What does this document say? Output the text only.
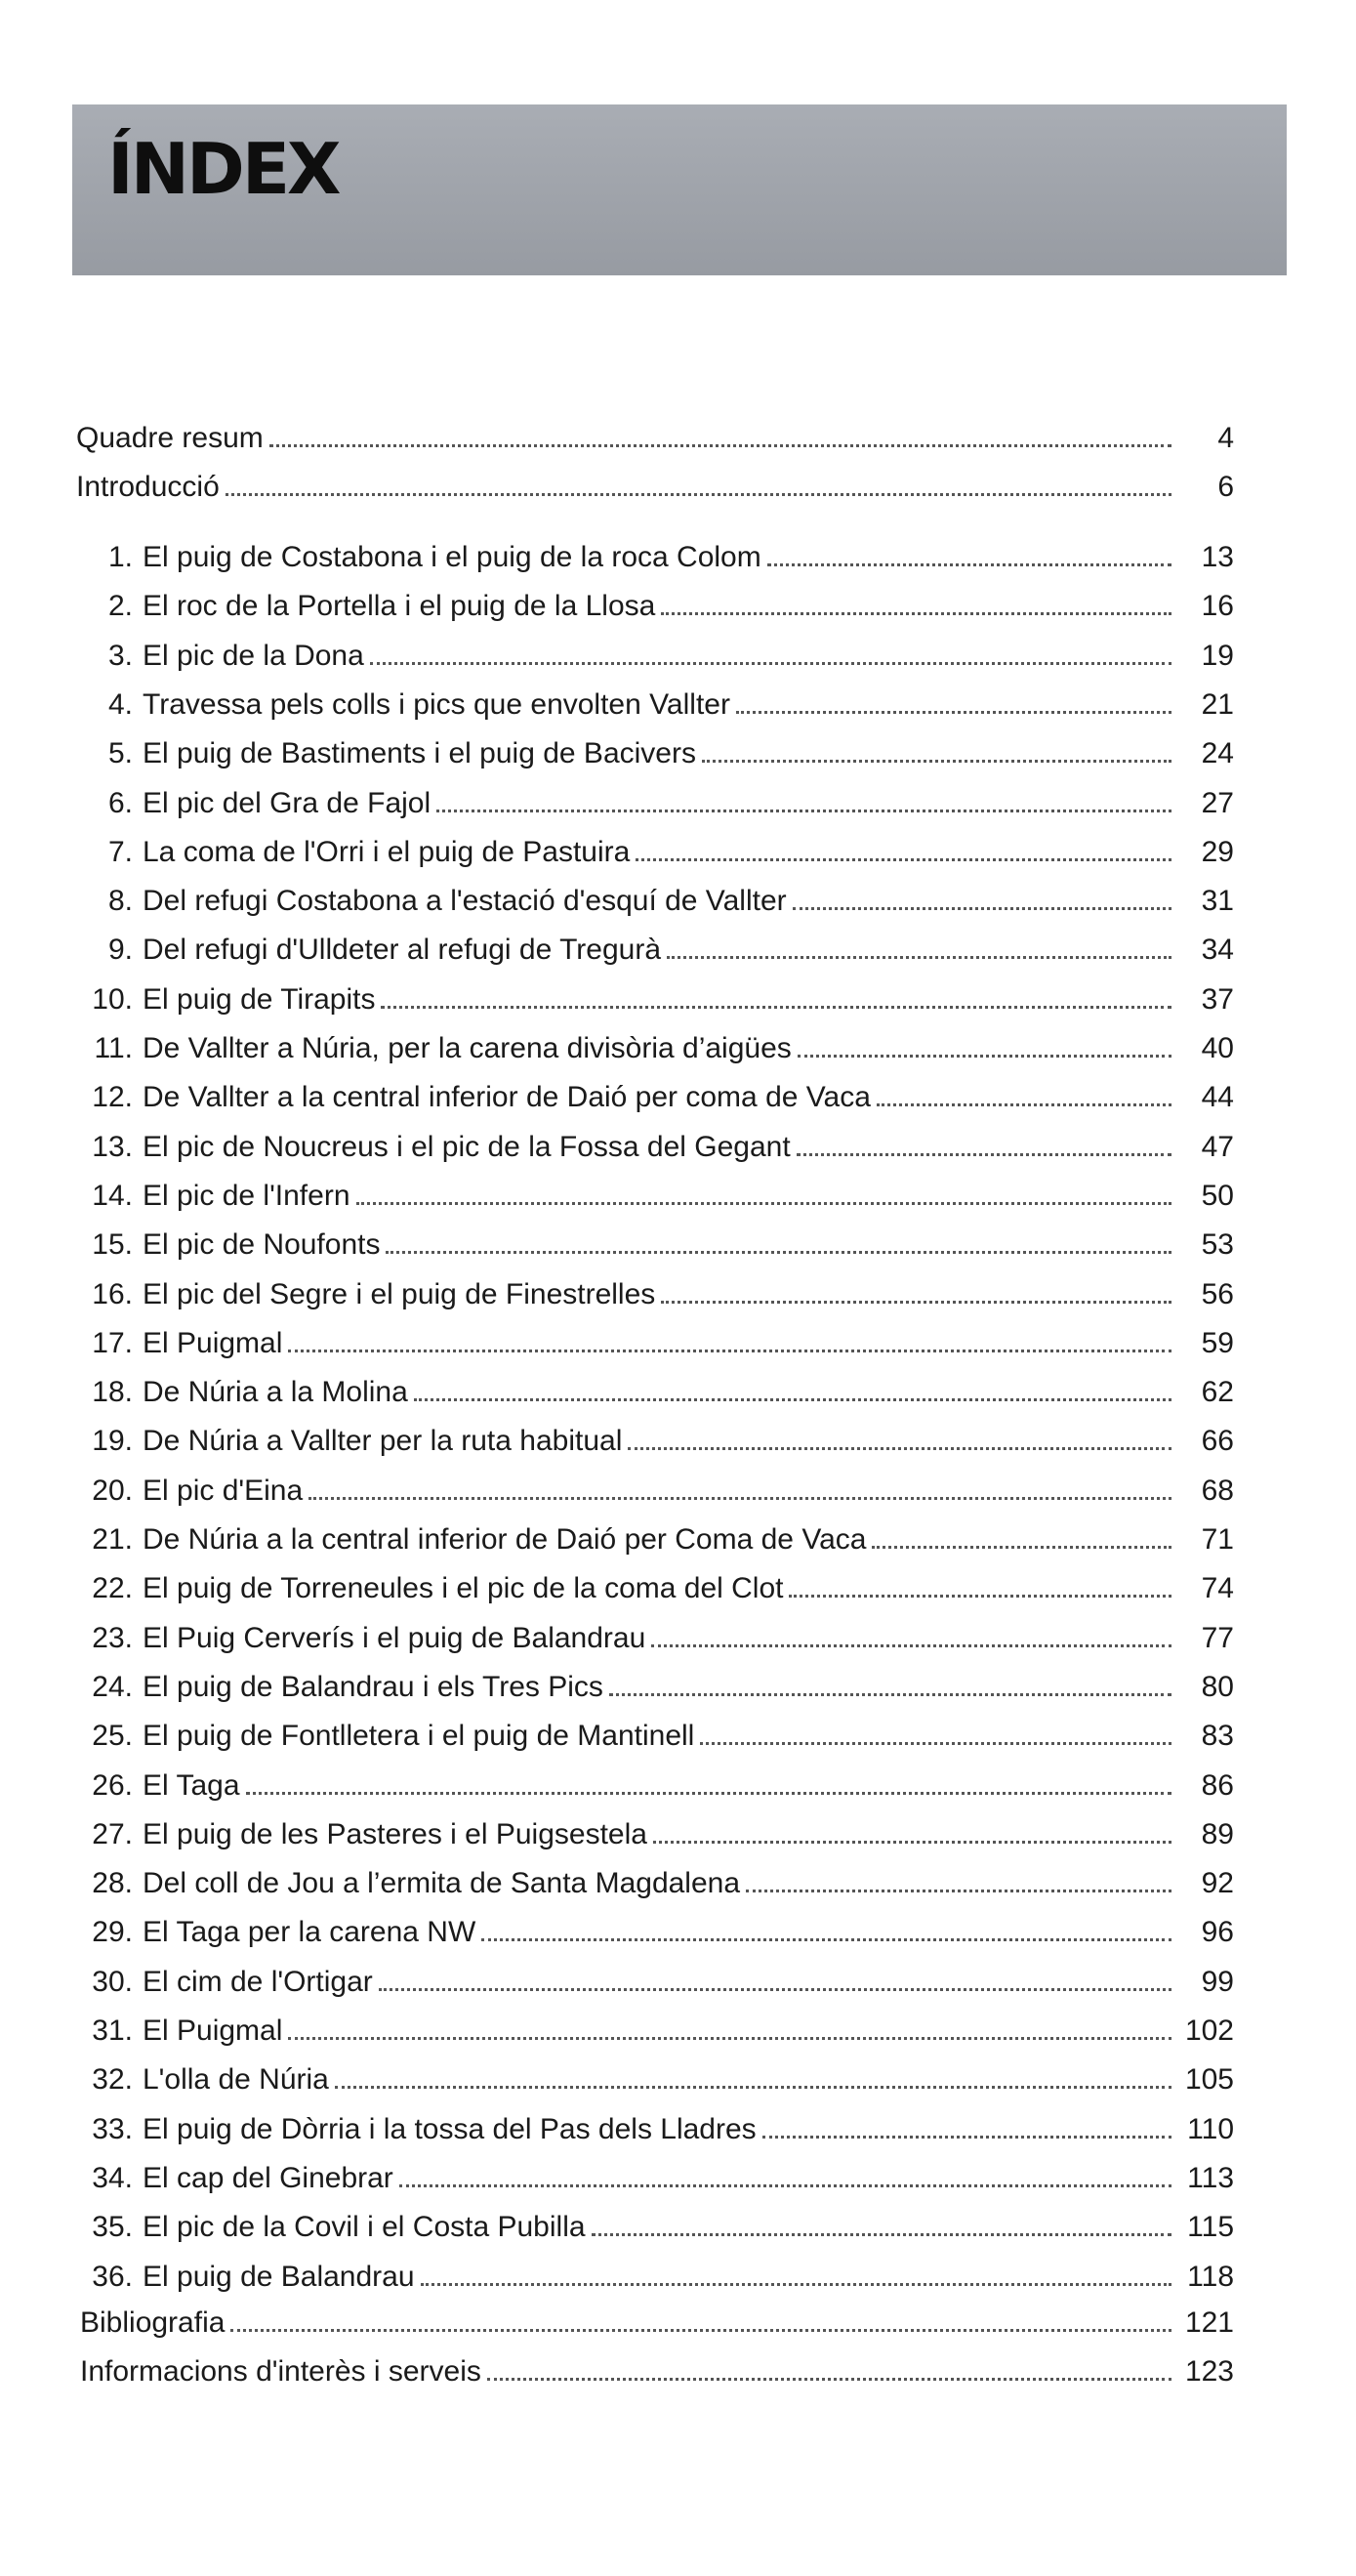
ÍNDEX
Quadre resum	4
Introducció	6
1. El puig de Costabona i el puig de la roca Colom	13
2. El roc de la Portella i el puig de la Llosa	16
3. El pic de la Dona	19
4. Travessa pels colls i pics que envolten Vallter	21
5. El puig de Bastiments i el puig de Bacivers	24
6. El pic del Gra de Fajol	27
7. La coma de l'Orri i el puig de Pastuira	29
8. Del refugi Costabona a l'estació d'esquí de Vallter	31
9. Del refugi d'Ulldeter al refugi de Tregurà	34
10. El puig de Tirapits	37
11. De Vallter a Núria, per la carena divisòria d’aigües	40
12. De Vallter a la central inferior de Daió per coma de Vaca	44
13. El pic de Noucreus i el pic de la Fossa del Gegant	47
14. El pic de l'Infern	50
15. El pic de Noufonts	53
16. El pic del Segre i el puig de Finestrelles	56
17. El Puigmal	59
18. De Núria a la Molina	62
19. De Núria a Vallter per la ruta habitual	66
20. El pic d'Eina	68
21. De Núria a la central inferior de Daió per Coma de Vaca	71
22. El puig de Torreneules i el pic de la coma del Clot	74
23. El Puig Cerverís i el puig de Balandrau	77
24. El puig de Balandrau i els Tres Pics	80
25. El puig de Fontlletera i el puig de Mantinell	83
26. El Taga	86
27. El puig de les Pasteres i el Puigsestela	89
28. Del coll de Jou a l’ermita de Santa Magdalena	92
29. El Taga per la carena NW	96
30. El cim de l'Ortigar	99
31. El Puigmal	102
32. L'olla de Núria	105
33. El puig de Dòrria i la tossa del Pas dels Lladres	110
34. El cap del Ginebrar	113
35. El pic de la Covil i el Costa Pubilla	115
36. El puig de Balandrau	118
Bibliografia	121
Informacions d'interès i serveis	123
